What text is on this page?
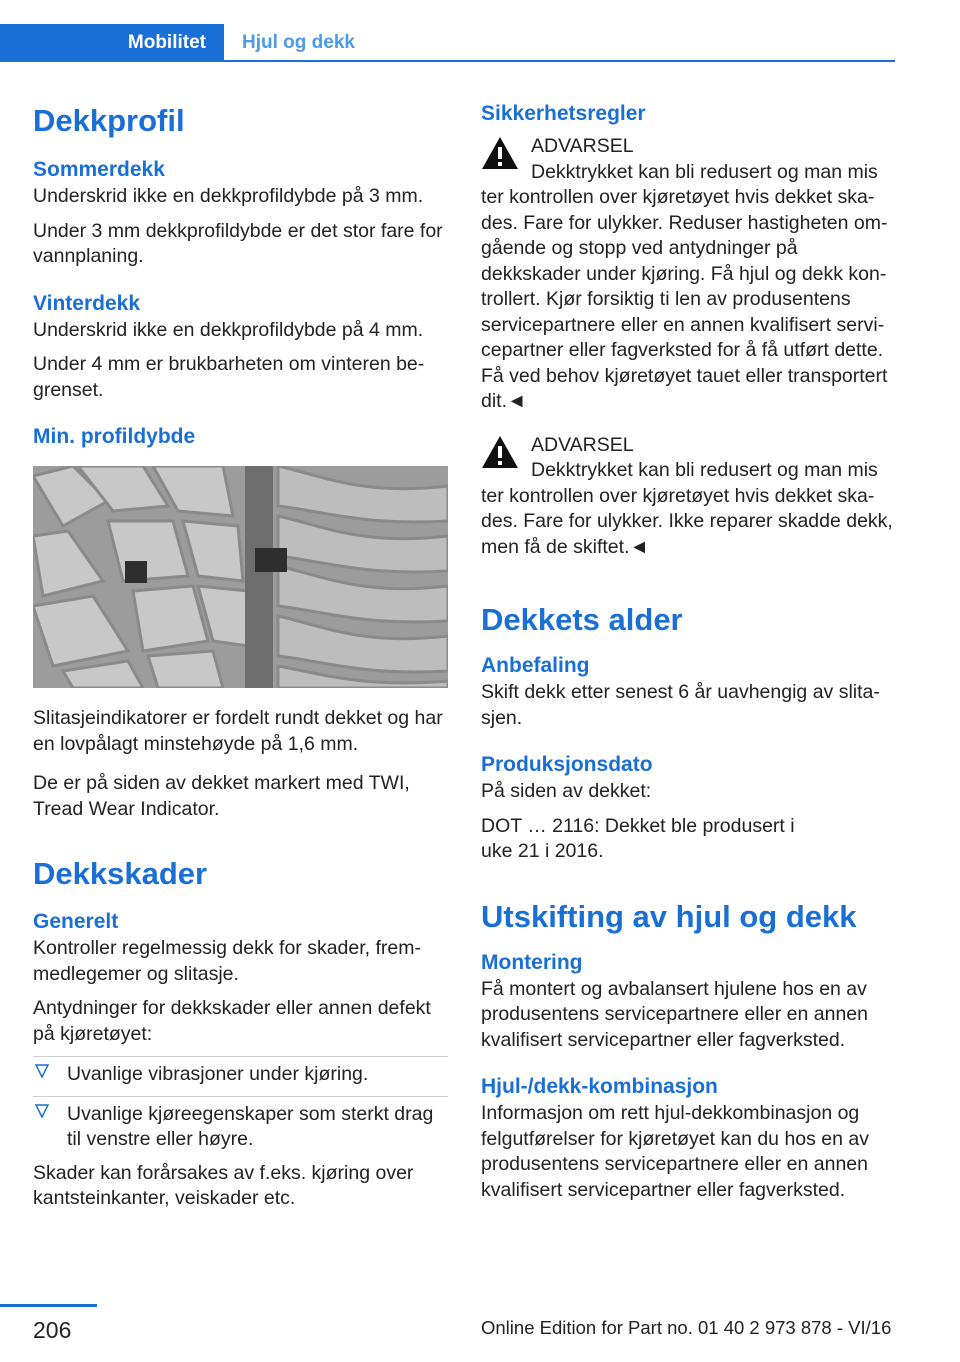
Mobilitet Hjul og dekk
Dekkprofil
Sommerdekk

Underskrid ikke en dekkprofildybde på 3 mm.

Under 3 mm dekkprofildybde er det stor fare for vannplaning.

Vinterdekk

Underskrid ikke en dekkprofildybde på 4 mm.

Under 4 mm er brukbarheten om vinteren begrenset.

Min. profildybde

Slitasjeindikatorer er fordelt rundt dekket og har en lovpålagt minstehøyde på 1,6 mm.

De er på siden av dekket markert med TWI, Tread Wear Indicator.

Dekkskader
Generelt

Kontroller regelmessig dekk for skader, fremmedlegemer og slitasje.

Antydninger for dekkskader eller annen defekt på kjøretøyet:

Uvanlige vibrasjoner under kjøring.
Uvanlige kjøreegenskaper som sterkt drag til venstre eller høyre.

Skader kan forårsakes av f.eks. kjøring over kantsteinkanter, veiskader etc.

Sikkerhetsregler
ADVARSEL
Dekktrykket kan bli redusert og man mis
ter kontrollen over kjøretøyet hvis dekket skades. Fare for ulykker. Reduser hastigheten omgående og stopp ved antydninger på dekkskader under kjøring. Få hjul og dekk kontrollert. Kjør forsiktig ti len av produsentens servicepartnere eller en annen kvalifisert servicepartner eller fagverksted for å få utført dette. Få ved behov kjøretøyet tauet eller transportert dit.◄
ADVARSEL
Dekktrykket kan bli redusert og man mis
ter kontrollen over kjøretøyet hvis dekket skades. Fare for ulykker. Ikke reparer skadde dekk, men få de skiftet.◄
Dekkets alder
Anbefaling

Skift dekk etter senest 6 år uavhengig av slitasjen.

Produksjonsdato

På siden av dekket:

DOT … 2116: Dekket ble produsert i uke 21 i 2016.

Utskifting av hjul og dekk
Montering

Få montert og avbalansert hjulene hos en av produsentens servicepartnere eller en annen kvalifisert servicepartner eller fagverksted.

Hjul-/dekk-kombinasjon

Informasjon om rett hjul-dekkombinasjon og felgutførelser for kjøretøyet kan du hos en av produsentens servicepartnere eller en annen kvalifisert servicepartner eller fagverksted.

206	Online Edition for Part no. 01 40 2 973 878 - VI/16
